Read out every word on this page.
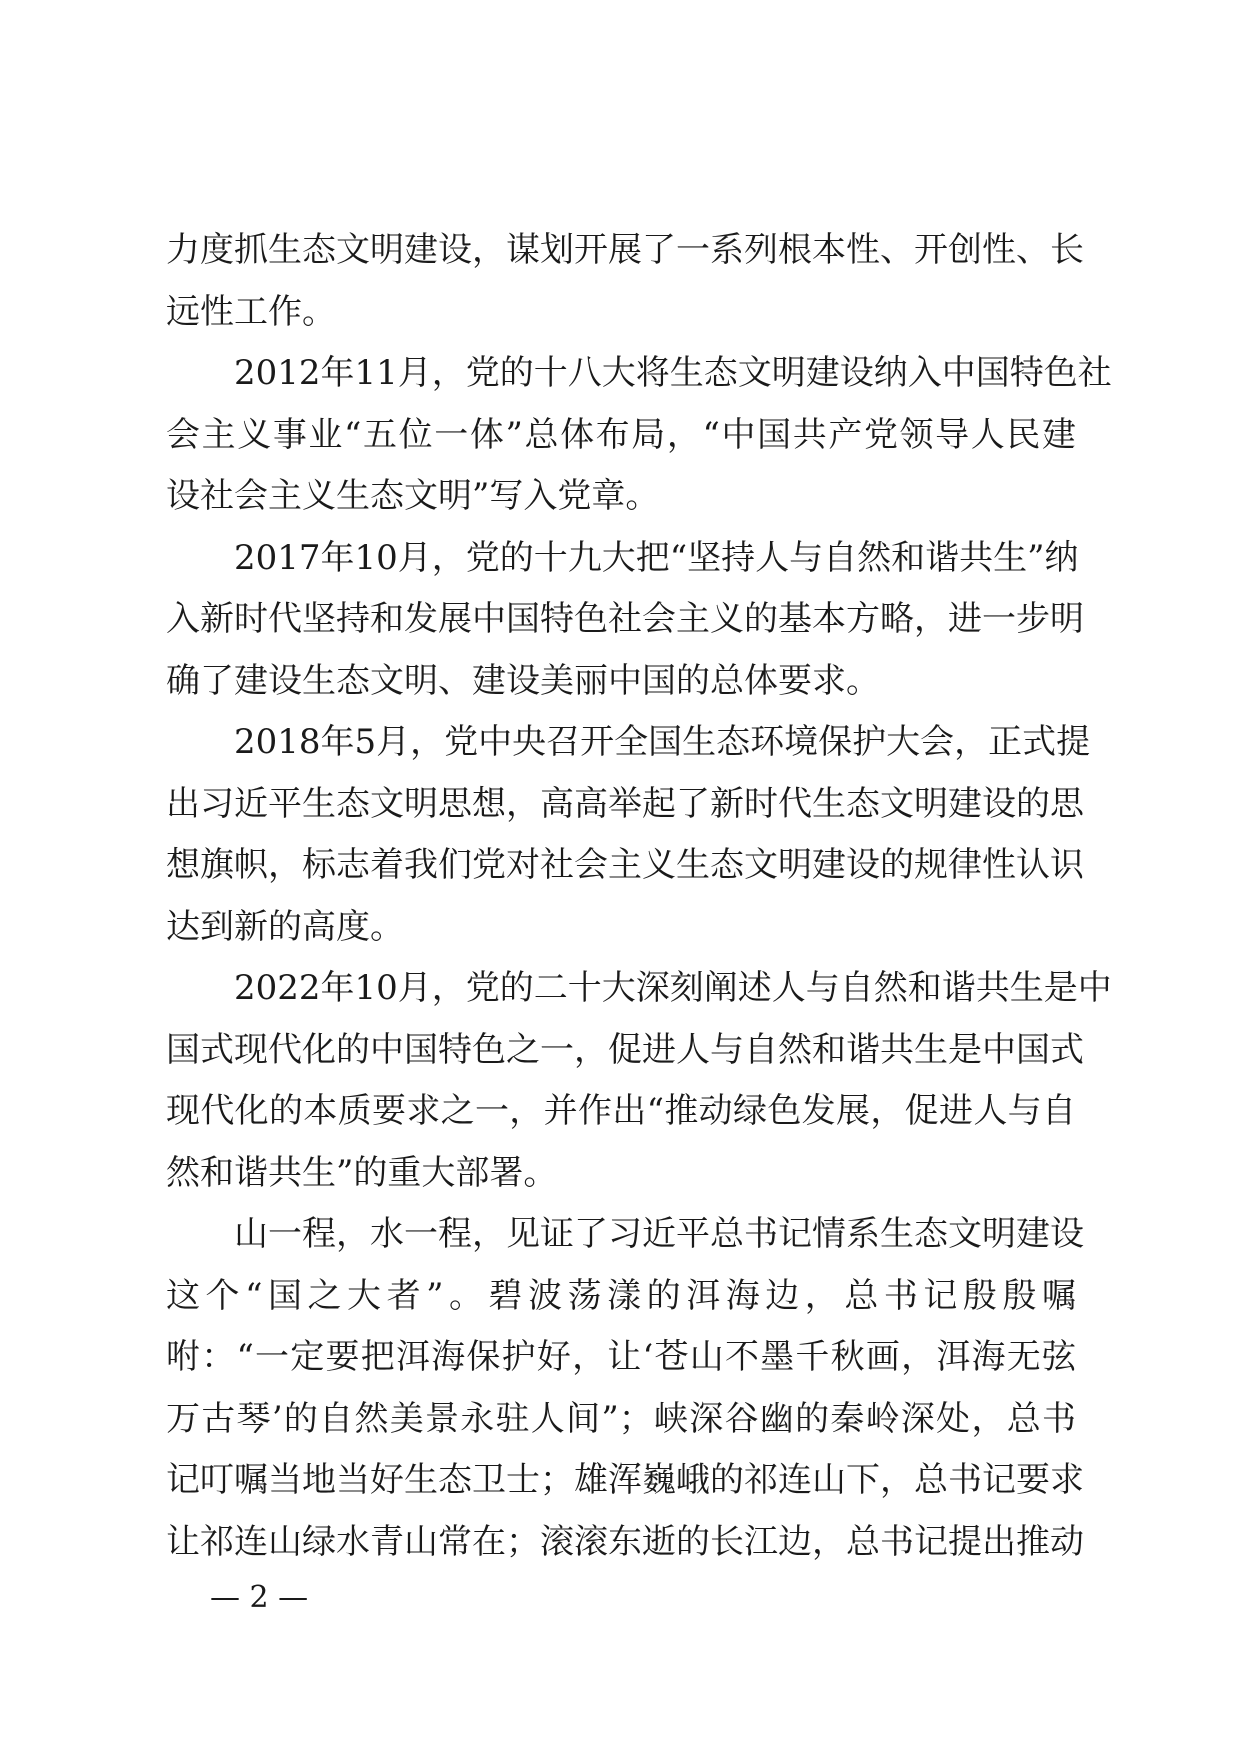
力度抓生态文明建设，谋划开展了一系列根本性、开创性、长
远性工作。
　　2012年11月，党的十八大将生态文明建设纳入中国特色社
会主义事业“五位一体”总体布局，“中国共产党领导人民建
设社会主义生态文明”写入党章。
　　2017年10月，党的十九大把“坚持人与自然和谐共生”纳
入新时代坚持和发展中国特色社会主义的基本方略，进一步明
确了建设生态文明、建设美丽中国的总体要求。
　　2018年5月，党中央召开全国生态环境保护大会，正式提
出习近平生态文明思想，高高举起了新时代生态文明建设的思
想旗帜，标志着我们党对社会主义生态文明建设的规律性认识
达到新的高度。
　　2022年10月，党的二十大深刻阐述人与自然和谐共生是中
国式现代化的中国特色之一，促进人与自然和谐共生是中国式
现代化的本质要求之一，并作出“推动绿色发展，促进人与自
然和谐共生”的重大部署。
　　山一程，水一程，见证了习近平总书记情系生态文明建设
这个“国之大者”。碧波荡漾的洱海边，总书记殷殷嘱
咐：“一定要把洱海保护好，让‘苍山不墨千秋画，洱海无弦
万古琴’的自然美景永驻人间”；峡深谷幽的秦岭深处，总书
记叮嘱当地当好生态卫士；雄浑巍峨的祁连山下，总书记要求
让祁连山绿水青山常在；滚滚东逝的长江边，总书记提出推动
— 2 —
